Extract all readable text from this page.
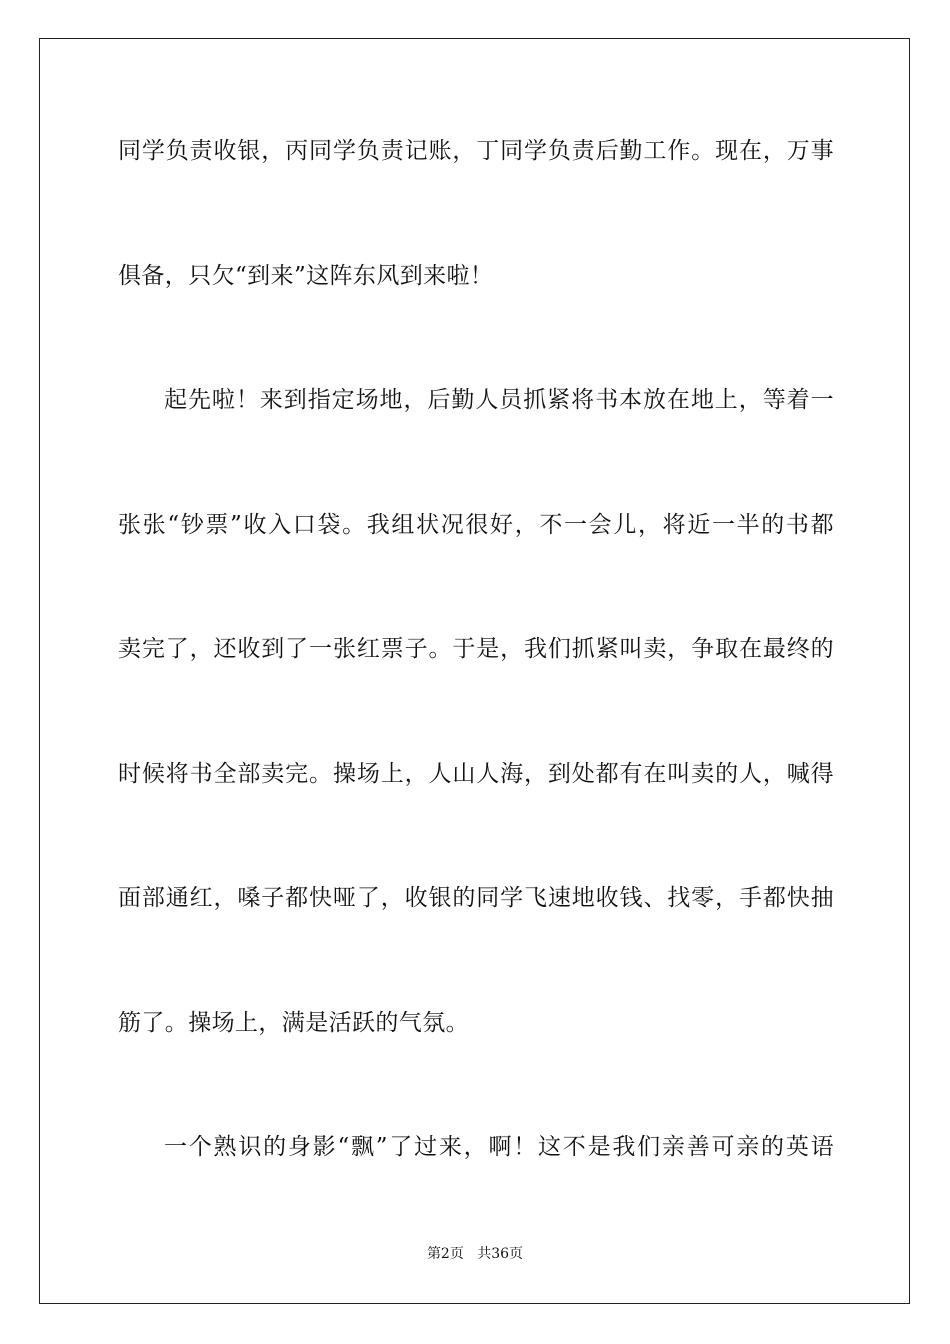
同学负责收银，丙同学负责记账，丁同学负责后勤工作。现在，万事
俱备，只欠“到来”这阵东风到来啦！
起先啦！来到指定场地，后勤人员抓紧将书本放在地上，等着一
张张“钞票”收入口袋。我组状况很好，不一会儿，将近一半的书都
卖完了，还收到了一张红票子。于是，我们抓紧叫卖，争取在最终的
时候将书全部卖完。操场上，人山人海，到处都有在叫卖的人，喊得
面部通红，嗓子都快哑了，收银的同学飞速地收钱、找零，手都快抽
筋了。操场上，满是活跃的气氛。
一个熟识的身影“飘”了过来，啊！这不是我们亲善可亲的英语
第2页 共36页
